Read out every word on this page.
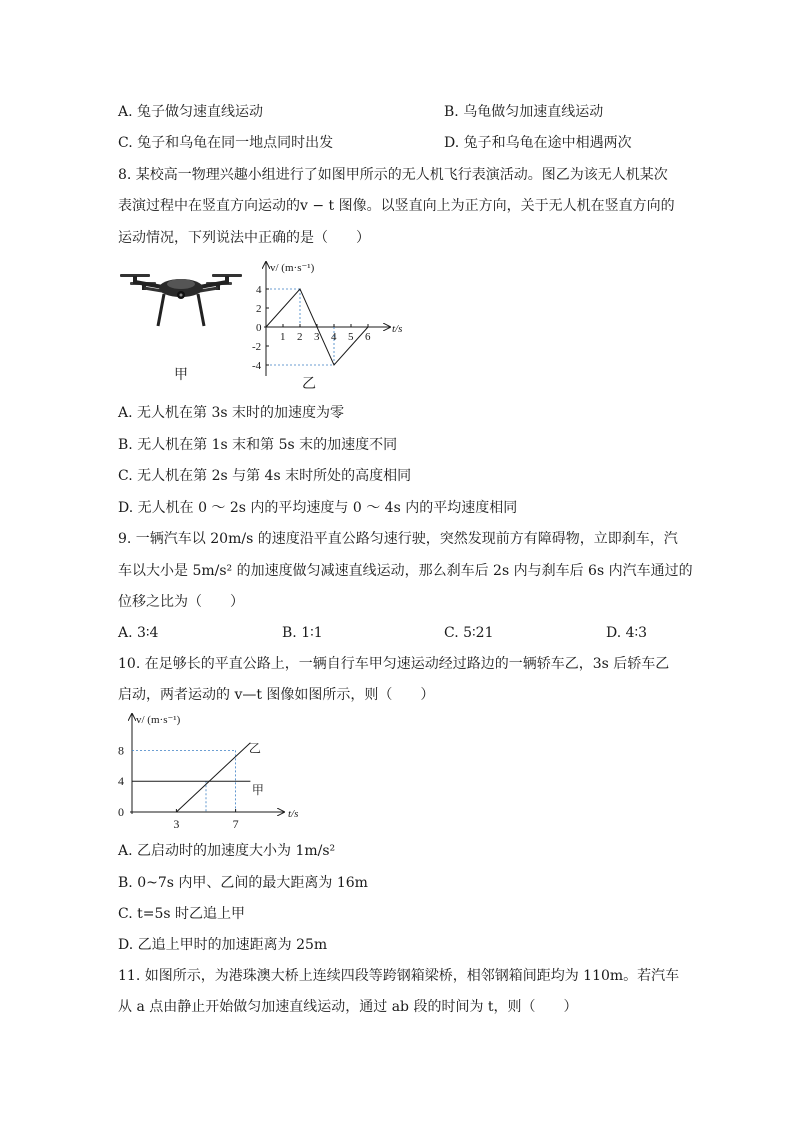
A. 兔子做匀速直线运动	B. 乌龟做匀加速直线运动
C. 兔子和乌龟在同一地点同时出发	D. 兔子和乌龟在途中相遇两次
8. 某校高一物理兴趣小组进行了如图甲所示的无人机飞行表演活动。图乙为该无人机某次
表演过程中在竖直方向运动的v − t 图像。以竖直向上为正方向，关于无人机在竖直方向的
运动情况，下列说法中正确的是（　　）
甲
乙
v/ (m·s⁻¹)
t/s
1 2 3 4 5 6
4
2
0
-2
-4
A. 无人机在第 3s 末时的加速度为零
B. 无人机在第 1s 末和第 5s 末的加速度不同
C. 无人机在第 2s 与第 4s 末时所处的高度相同
D. 无人机在 0 ～ 2s 内的平均速度与 0 ～ 4s 内的平均速度相同
9. 一辆汽车以 20m/s 的速度沿平直公路匀速行驶，突然发现前方有障碍物，立即刹车，汽
车以大小是 5m/s² 的加速度做匀减速直线运动，那么刹车后 2s 内与刹车后 6s 内汽车通过的
位移之比为（　　）
A. 3∶4	B. 1∶1	C. 5∶21	D. 4∶3
10. 在足够长的平直公路上，一辆自行车甲匀速运动经过路边的一辆轿车乙，3s 后轿车乙
启动，两者运动的 v—t 图像如图所示，则（　　）
v/ (m·s⁻¹)
t/s
甲
乙
3	7
8
4
0
A. 乙启动时的加速度大小为 1m/s²
B. 0~7s 内甲、乙间的最大距离为 16m
C. t=5s 时乙追上甲
D. 乙追上甲时的加速距离为 25m
11. 如图所示，为港珠澳大桥上连续四段等跨钢箱梁桥，相邻钢箱间距均为 110m。若汽车
从 a 点由静止开始做匀加速直线运动，通过 ab 段的时间为 t，则（　　）
